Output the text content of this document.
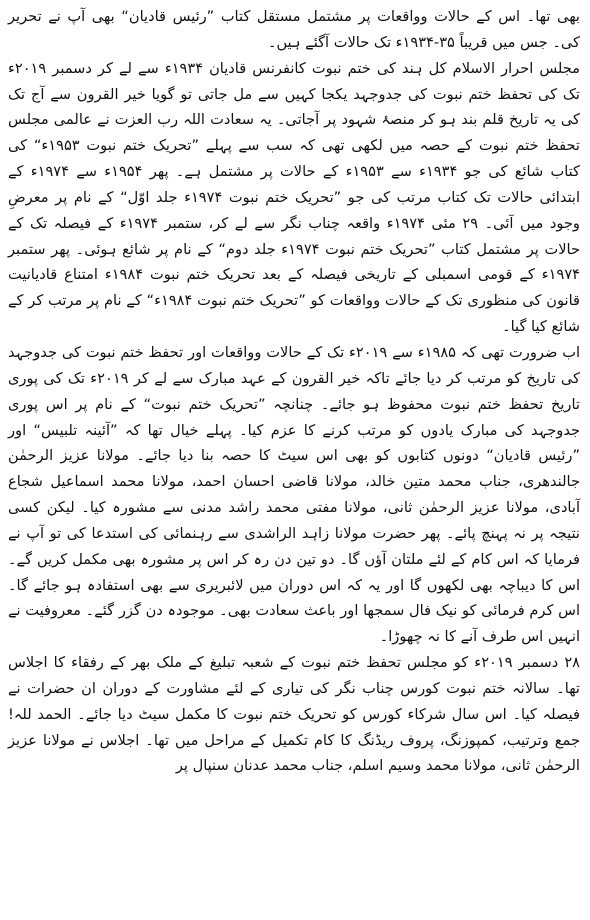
بھی تھا۔ اس کے حالات وواقعات پر مشتمل مستقل کتاب ”رئیس قادیان“ بھی آپ نے تحریر کی۔ جس میں قریباً ۳۵-۱۹۳۴ء تک حالات آگئے ہیں۔

مجلس احرار الاسلام کل ہند کی ختم نبوت کانفرنس قادیان ۱۹۳۴ء سے لے کر دسمبر ۲۰۱۹ء تک کی تحفظ ختم نبوت کی جدوجہد یکجا کہیں سے مل جاتی تو گویا خیر القرون سے آج تک کی یہ تاریخ قلم بند ہو کر منصۂ شہود پر آجاتی۔ یہ سعادت اللہ رب العزت نے عالمی مجلس تحفظ ختم نبوت کے حصہ میں لکھی تھی کہ سب سے پہلے ”تحریک ختم نبوت ۱۹۵۳ء“ کی کتاب شائع کی جو ۱۹۳۴ء سے ۱۹۵۳ء کے حالات پر مشتمل ہے۔ پھر ۱۹۵۴ء سے ۱۹۷۴ء کے ابتدائی حالات تک کتاب مرتب کی جو ”تحریک ختم نبوت ۱۹۷۴ء جلد اوّل“ کے نام پر معرضِ وجود میں آئی۔ ۲۹ مئی ۱۹۷۴ء واقعہ چناب نگر سے لے کر، ستمبر ۱۹۷۴ء کے فیصلہ تک کے حالات پر مشتمل کتاب ”تحریک ختم نبوت ۱۹۷۴ء جلد دوم“ کے نام پر شائع ہوئی۔ پھر ستمبر ۱۹۷۴ء کے قومی اسمبلی کے تاریخی فیصلہ کے بعد تحریک ختم نبوت ۱۹۸۴ء امتناع قادیانیت قانون کی منظوری تک کے حالات وواقعات کو ”تحریک ختم نبوت ۱۹۸۴ء“ کے نام پر مرتب کر کے شائع کیا گیا۔

اب ضرورت تھی کہ ۱۹۸۵ء سے ۲۰۱۹ء تک کے حالات وواقعات اور تحفظ ختم نبوت کی جدوجہد کی تاریخ کو مرتب کر دیا جائے تاکہ خیر القرون کے عہد مبارک سے لے کر ۲۰۱۹ء تک کی پوری تاریخ تحفظ ختم نبوت محفوظ ہو جائے۔ چنانچہ ”تحریک ختم نبوت“ کے نام پر اس پوری جدوجہد کی مبارک یادوں کو مرتب کرنے کا عزم کیا۔ پہلے خیال تھا کہ ”آئینہ تلبیس“ اور ”رئیس قادیان“ دونوں کتابوں کو بھی اس سیٹ کا حصہ بنا دیا جائے۔ مولانا عزیز الرحمٰن جالندھری، جناب محمد متین خالد، مولانا قاضی احسان احمد، مولانا محمد اسماعیل شجاع آبادی، مولانا عزیز الرحمٰن ثانی، مولانا مفتی محمد راشد مدنی سے مشورہ کیا۔ لیکن کسی نتیجہ پر نہ پہنچ پائے۔ پھر حضرت مولانا زاہد الراشدی سے رہنمائی کی استدعا کی تو آپ نے فرمایا کہ اس کام کے لئے ملتان آؤں گا۔ دو تین دن رہ کر اس پر مشورہ بھی مکمل کریں گے۔ اس کا دیباچہ بھی لکھوں گا اور یہ کہ اس دوران میں لائبریری سے بھی استفادہ ہو جائے گا۔ اس کرم فرمائی کو نیک فال سمجھا اور باعث سعادت بھی۔ موجودہ دن گزر گئے۔ معروفیت نے انہیں اس طرف آنے کا نہ چھوڑا۔

۲۸ دسمبر ۲۰۱۹ء کو مجلس تحفظ ختم نبوت کے شعبہ تبلیغ کے ملک بھر کے رفقاء کا اجلاس تھا۔ سالانہ ختم نبوت کورس چناب نگر کی تیاری کے لئے مشاورت کے دوران ان حضرات نے فیصلہ کیا۔ اس سال شرکاء کورس کو تحریک ختم نبوت کا مکمل سیٹ دیا جائے۔ الحمد للہ! جمع وترتیب، کمپوزنگ، پروف ریڈنگ کا کام تکمیل کے مراحل میں تھا۔ اجلاس نے مولانا عزیز الرحمٰن ثانی، مولانا محمد وسیم اسلم، جناب محمد عدنان سنپال پر
